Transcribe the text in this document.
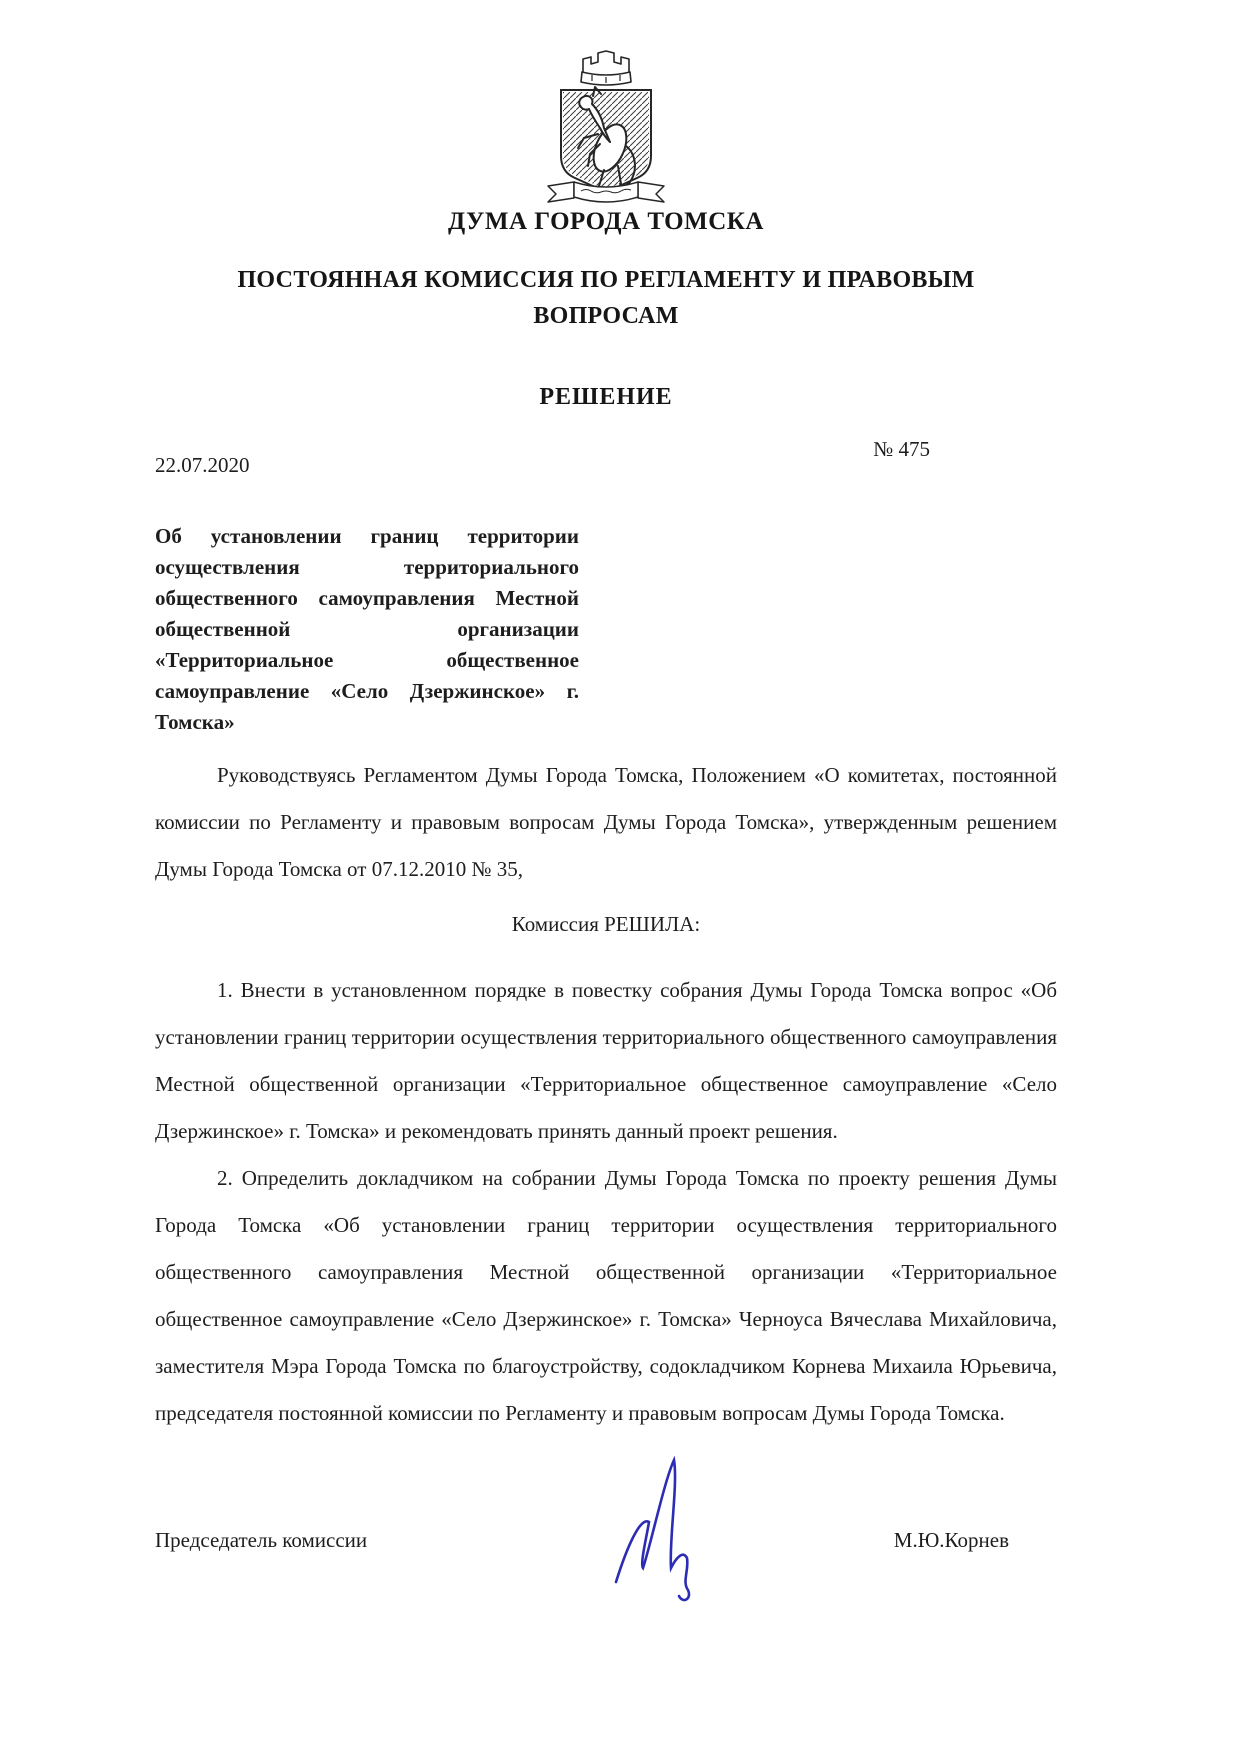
ДУМА ГОРОДА ТОМСКА
ПОСТОЯННАЯ КОМИССИЯ ПО РЕГЛАМЕНТУ И ПРАВОВЫМ ВОПРОСАМ
РЕШЕНИЕ
№ 475
22.07.2020

Об установлении границ территории осуществления территориального общественного самоуправления Местной общественной организации «Территориальное общественное самоуправление «Село Дзержинское» г. Томска»

Руководствуясь Регламентом Думы Города Томска, Положением «О комитетах, постоянной комиссии по Регламенту и правовым вопросам Думы Города Томска», утвержденным решением Думы Города Томска от 07.12.2010 № 35,

Комиссия РЕШИЛА:

1. Внести в установленном порядке в повестку собрания Думы Города Томска вопрос «Об установлении границ территории осуществления территориального общественного самоуправления Местной общественной организации «Территориальное общественное самоуправление «Село Дзержинское» г. Томска» и рекомендовать принять данный проект решения.

2. Определить докладчиком на собрании Думы Города Томска по проекту решения Думы Города Томска «Об установлении границ территории осуществления территориального общественного самоуправления Местной общественной организации «Территориальное общественное самоуправление «Село Дзержинское» г. Томска» Черноуса Вячеслава Михайловича, заместителя Мэра Города Томска по благоустройству, содокладчиком Корнева Михаила Юрьевича, председателя постоянной комиссии по Регламенту и правовым вопросам Думы Города Томска.

Председатель комиссии	М.Ю.Корнев
